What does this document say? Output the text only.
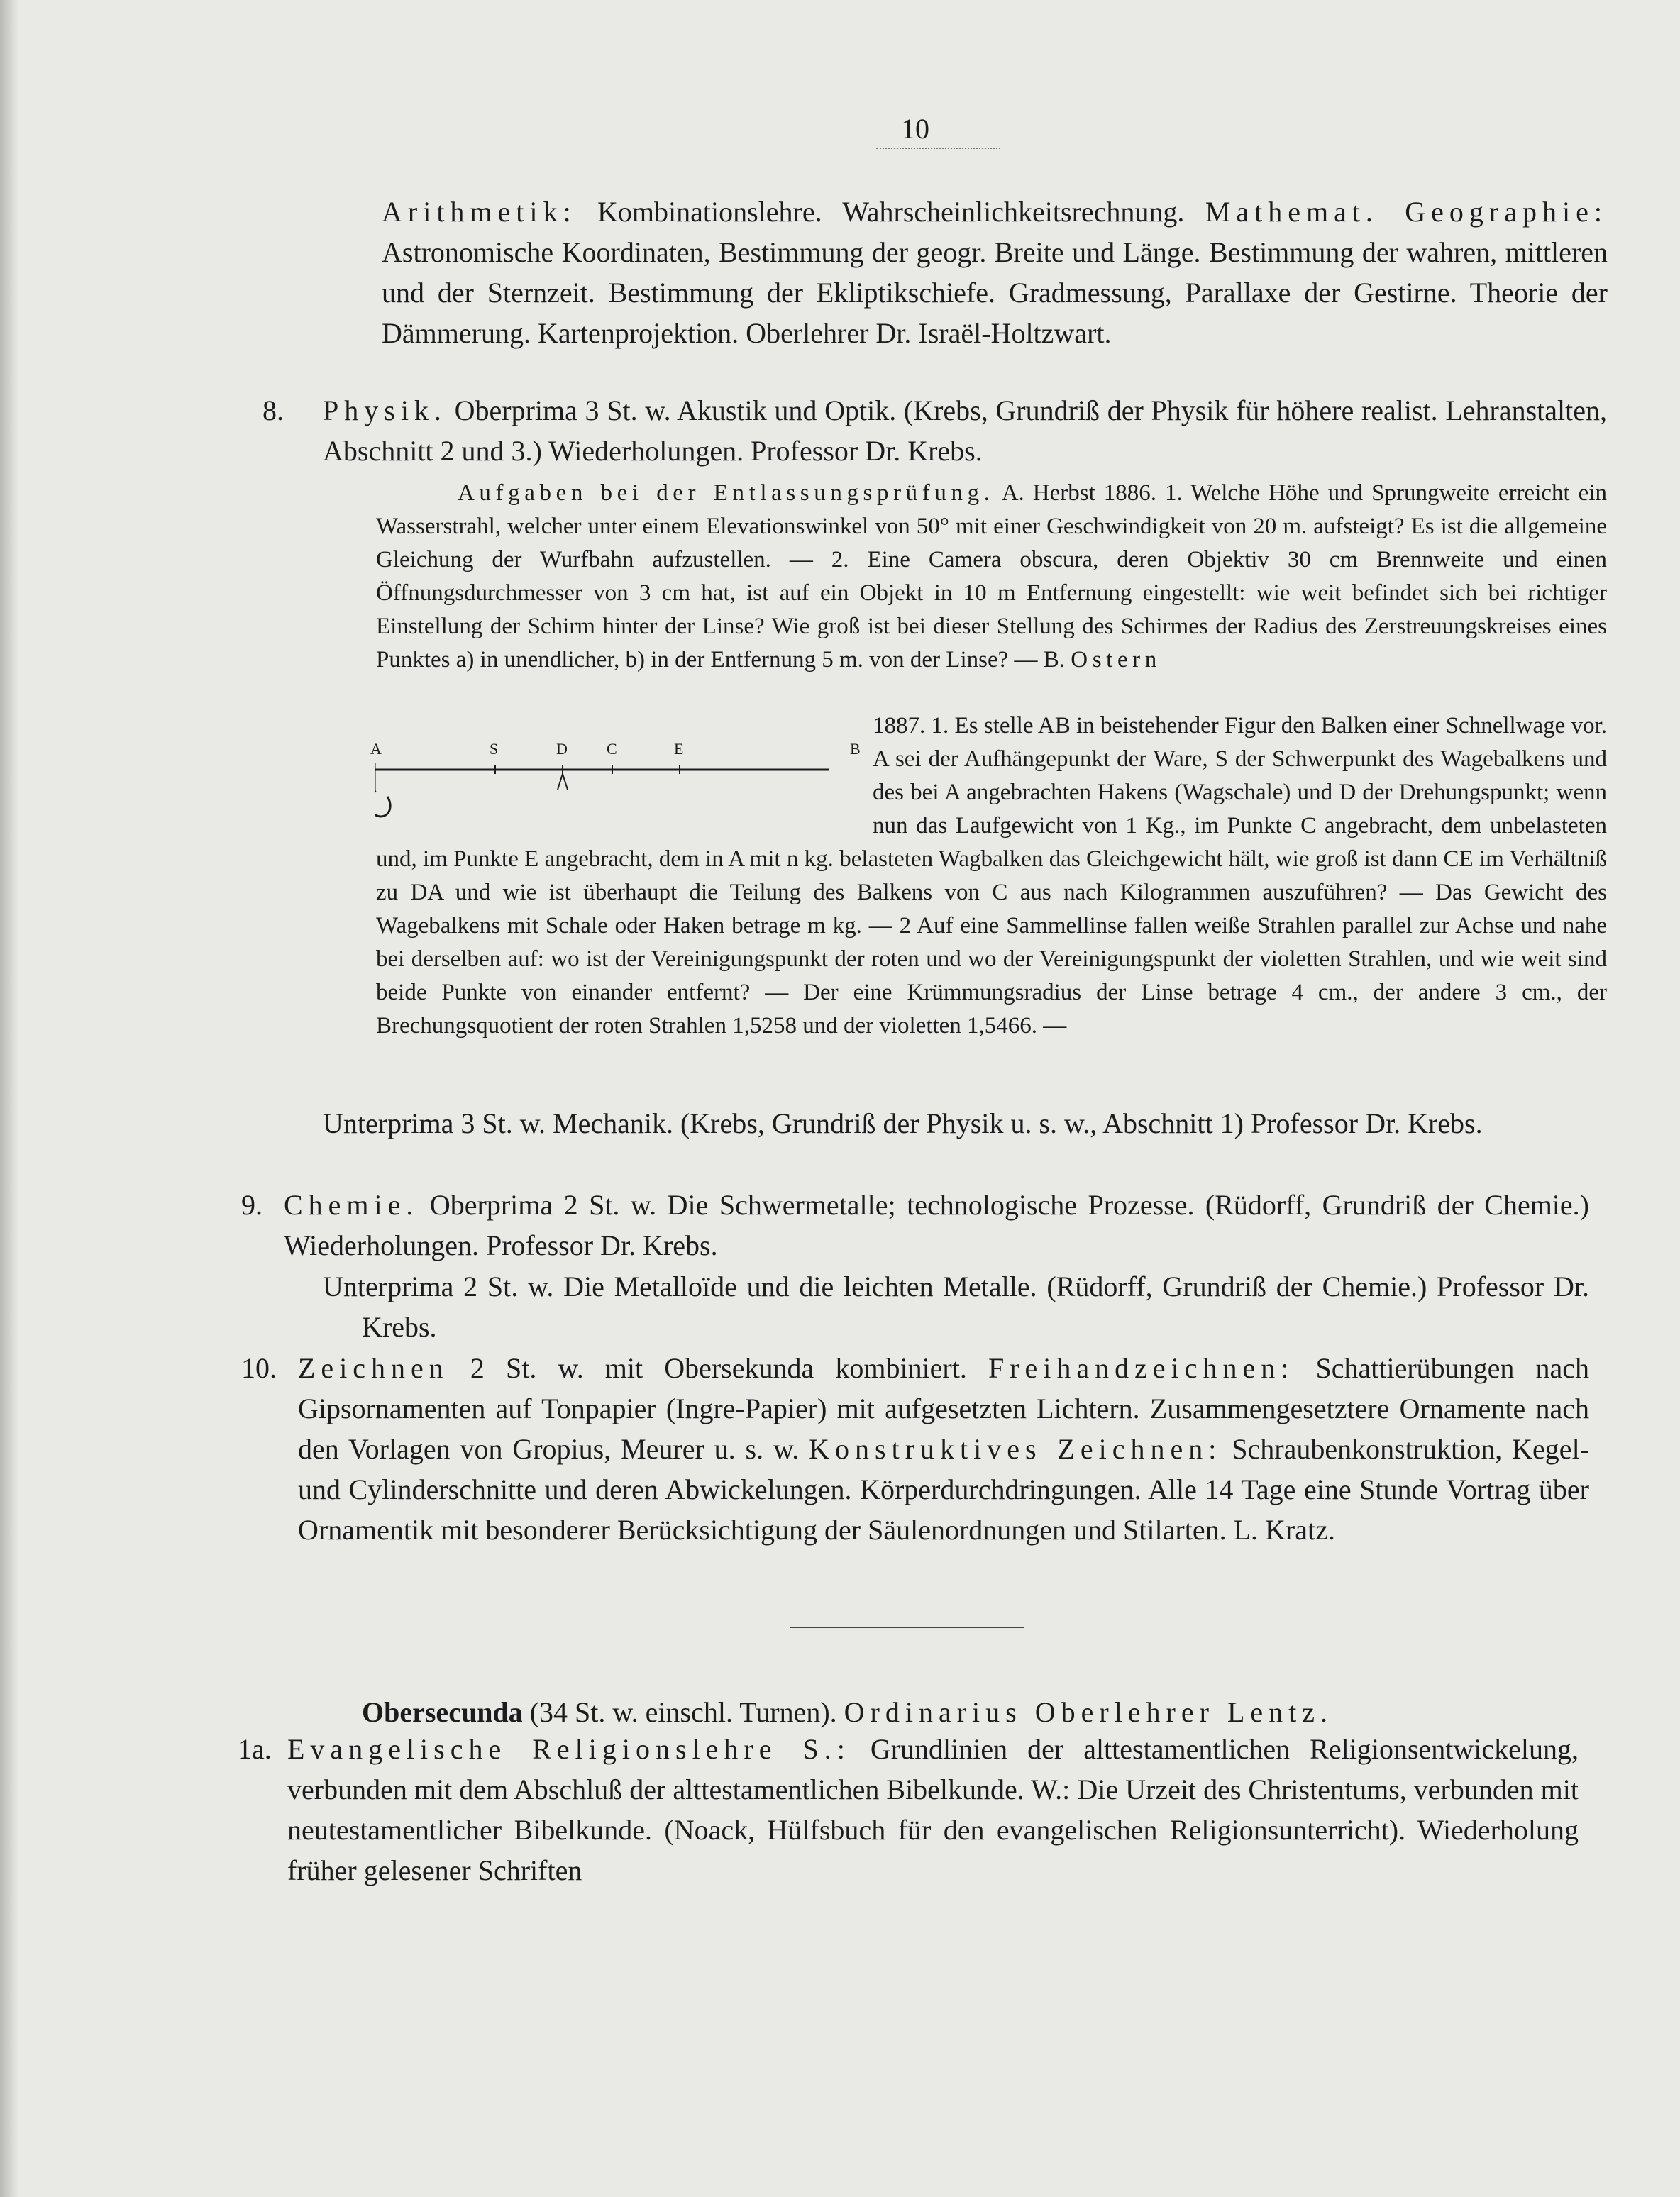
10
Arithmetik: Kombinationslehre. Wahrscheinlichkeitsrechnung. Mathemat. Geographie: Astronomische Koordinaten, Bestimmung der geogr. Breite und Länge. Bestimmung der wahren, mittleren und der Sternzeit. Bestimmung der Ekliptikschiefe. Gradmessung, Parallaxe der Gestirne. Theorie der Dämmerung. Kartenprojektion. Oberlehrer Dr. Israël-Holtzwart.
8. Physik. Oberprima 3 St. w. Akustik und Optik. (Krebs, Grundriß der Physik für höhere realist. Lehranstalten, Abschnitt 2 und 3.) Wiederholungen. Professor Dr. Krebs.
Aufgaben bei der Entlassungsprüfung. A. Herbst 1886. 1. Welche Höhe und Sprungweite erreicht ein Wasserstrahl, welcher unter einem Elevationswinkel von 50° mit einer Geschwindigkeit von 20 m. aufsteigt? Es ist die allgemeine Gleichung der Wurfbahn aufzustellen. — 2. Eine Camera obscura, deren Objektiv 30 cm Brennweite und einen Öffnungsdurchmesser von 3 cm hat, ist auf ein Objekt in 10 m Entfernung eingestellt: wie weit befindet sich bei richtiger Einstellung der Schirm hinter der Linse? Wie groß ist bei dieser Stellung des Schirmes der Radius des Zerstreuungskreises eines Punktes a) in unendlicher, b) in der Entfernung 5 m. von der Linse? — B. Ostern
1887. 1. Es stelle AB in beistehender Figur den Balken einer Schnellwage vor. A sei der Aufhängepunkt der Ware, S der Schwerpunkt des Wagebalkens und des bei A angebrachten Hakens (Wagschale) und D der Drehungspunkt; wenn nun das Laufgewicht von 1 Kg., im Punkte C angebracht, dem unbelasteten und, im Punkte E angebracht, dem in A mit n kg. belasteten Wagbalken das Gleichgewicht hält, wie groß ist dann CE im Verhältniß zu DA und wie ist überhaupt die Teilung des Balkens von C aus nach Kilogrammen auszuführen? — Das Gewicht des Wagebalkens mit Schale oder Haken betrage m kg. — 2 Auf eine Sammellinse fallen weiße Strahlen parallel zur Achse und nahe bei derselben auf: wo ist der Vereinigungspunkt der roten und wo der Vereinigungspunkt der violetten Strahlen, und wie weit sind beide Punkte von einander entfernt? — Der eine Krümmungsradius der Linse betrage 4 cm., der andere 3 cm., der Brechungsquotient der roten Strahlen 1,5258 und der violetten 1,5466. —
A	S	D	C	E	B
Unterprima 3 St. w. Mechanik. (Krebs, Grundriß der Physik u. s. w., Abschnitt 1) Professor Dr. Krebs.
9. Chemie. Oberprima 2 St. w. Die Schwermetalle; technologische Prozesse. (Rüdorff, Grundriß der Chemie.) Wiederholungen. Professor Dr. Krebs.
Unterprima 2 St. w. Die Metalloïde und die leichten Metalle. (Rüdorff, Grundriß der Chemie.) Professor Dr. Krebs.
10. Zeichnen 2 St. w. mit Obersekunda kombiniert. Freihandzeichnen: Schattierübungen nach Gipsornamenten auf Tonpapier (Ingre-Papier) mit aufgesetzten Lichtern. Zusammengesetztere Ornamente nach den Vorlagen von Gropius, Meurer u. s. w. Konstruktives Zeichnen: Schraubenkonstruktion, Kegel- und Cylinderschnitte und deren Abwickelungen. Körperdurchdringungen. Alle 14 Tage eine Stunde Vortrag über Ornamentik mit besonderer Berücksichtigung der Säulenordnungen und Stilarten. L. Kratz.
Obersecunda (34 St. w. einschl. Turnen). Ordinarius Oberlehrer Lentz.
1a. Evangelische Religionslehre S.: Grundlinien der alttestamentlichen Religionsentwickelung, verbunden mit dem Abschluß der alttestamentlichen Bibelkunde. W.: Die Urzeit des Christentums, verbunden mit neutestamentlicher Bibelkunde. (Noack, Hülfsbuch für den evangelischen Religionsunterricht). Wiederholung früher gelesener Schriften
